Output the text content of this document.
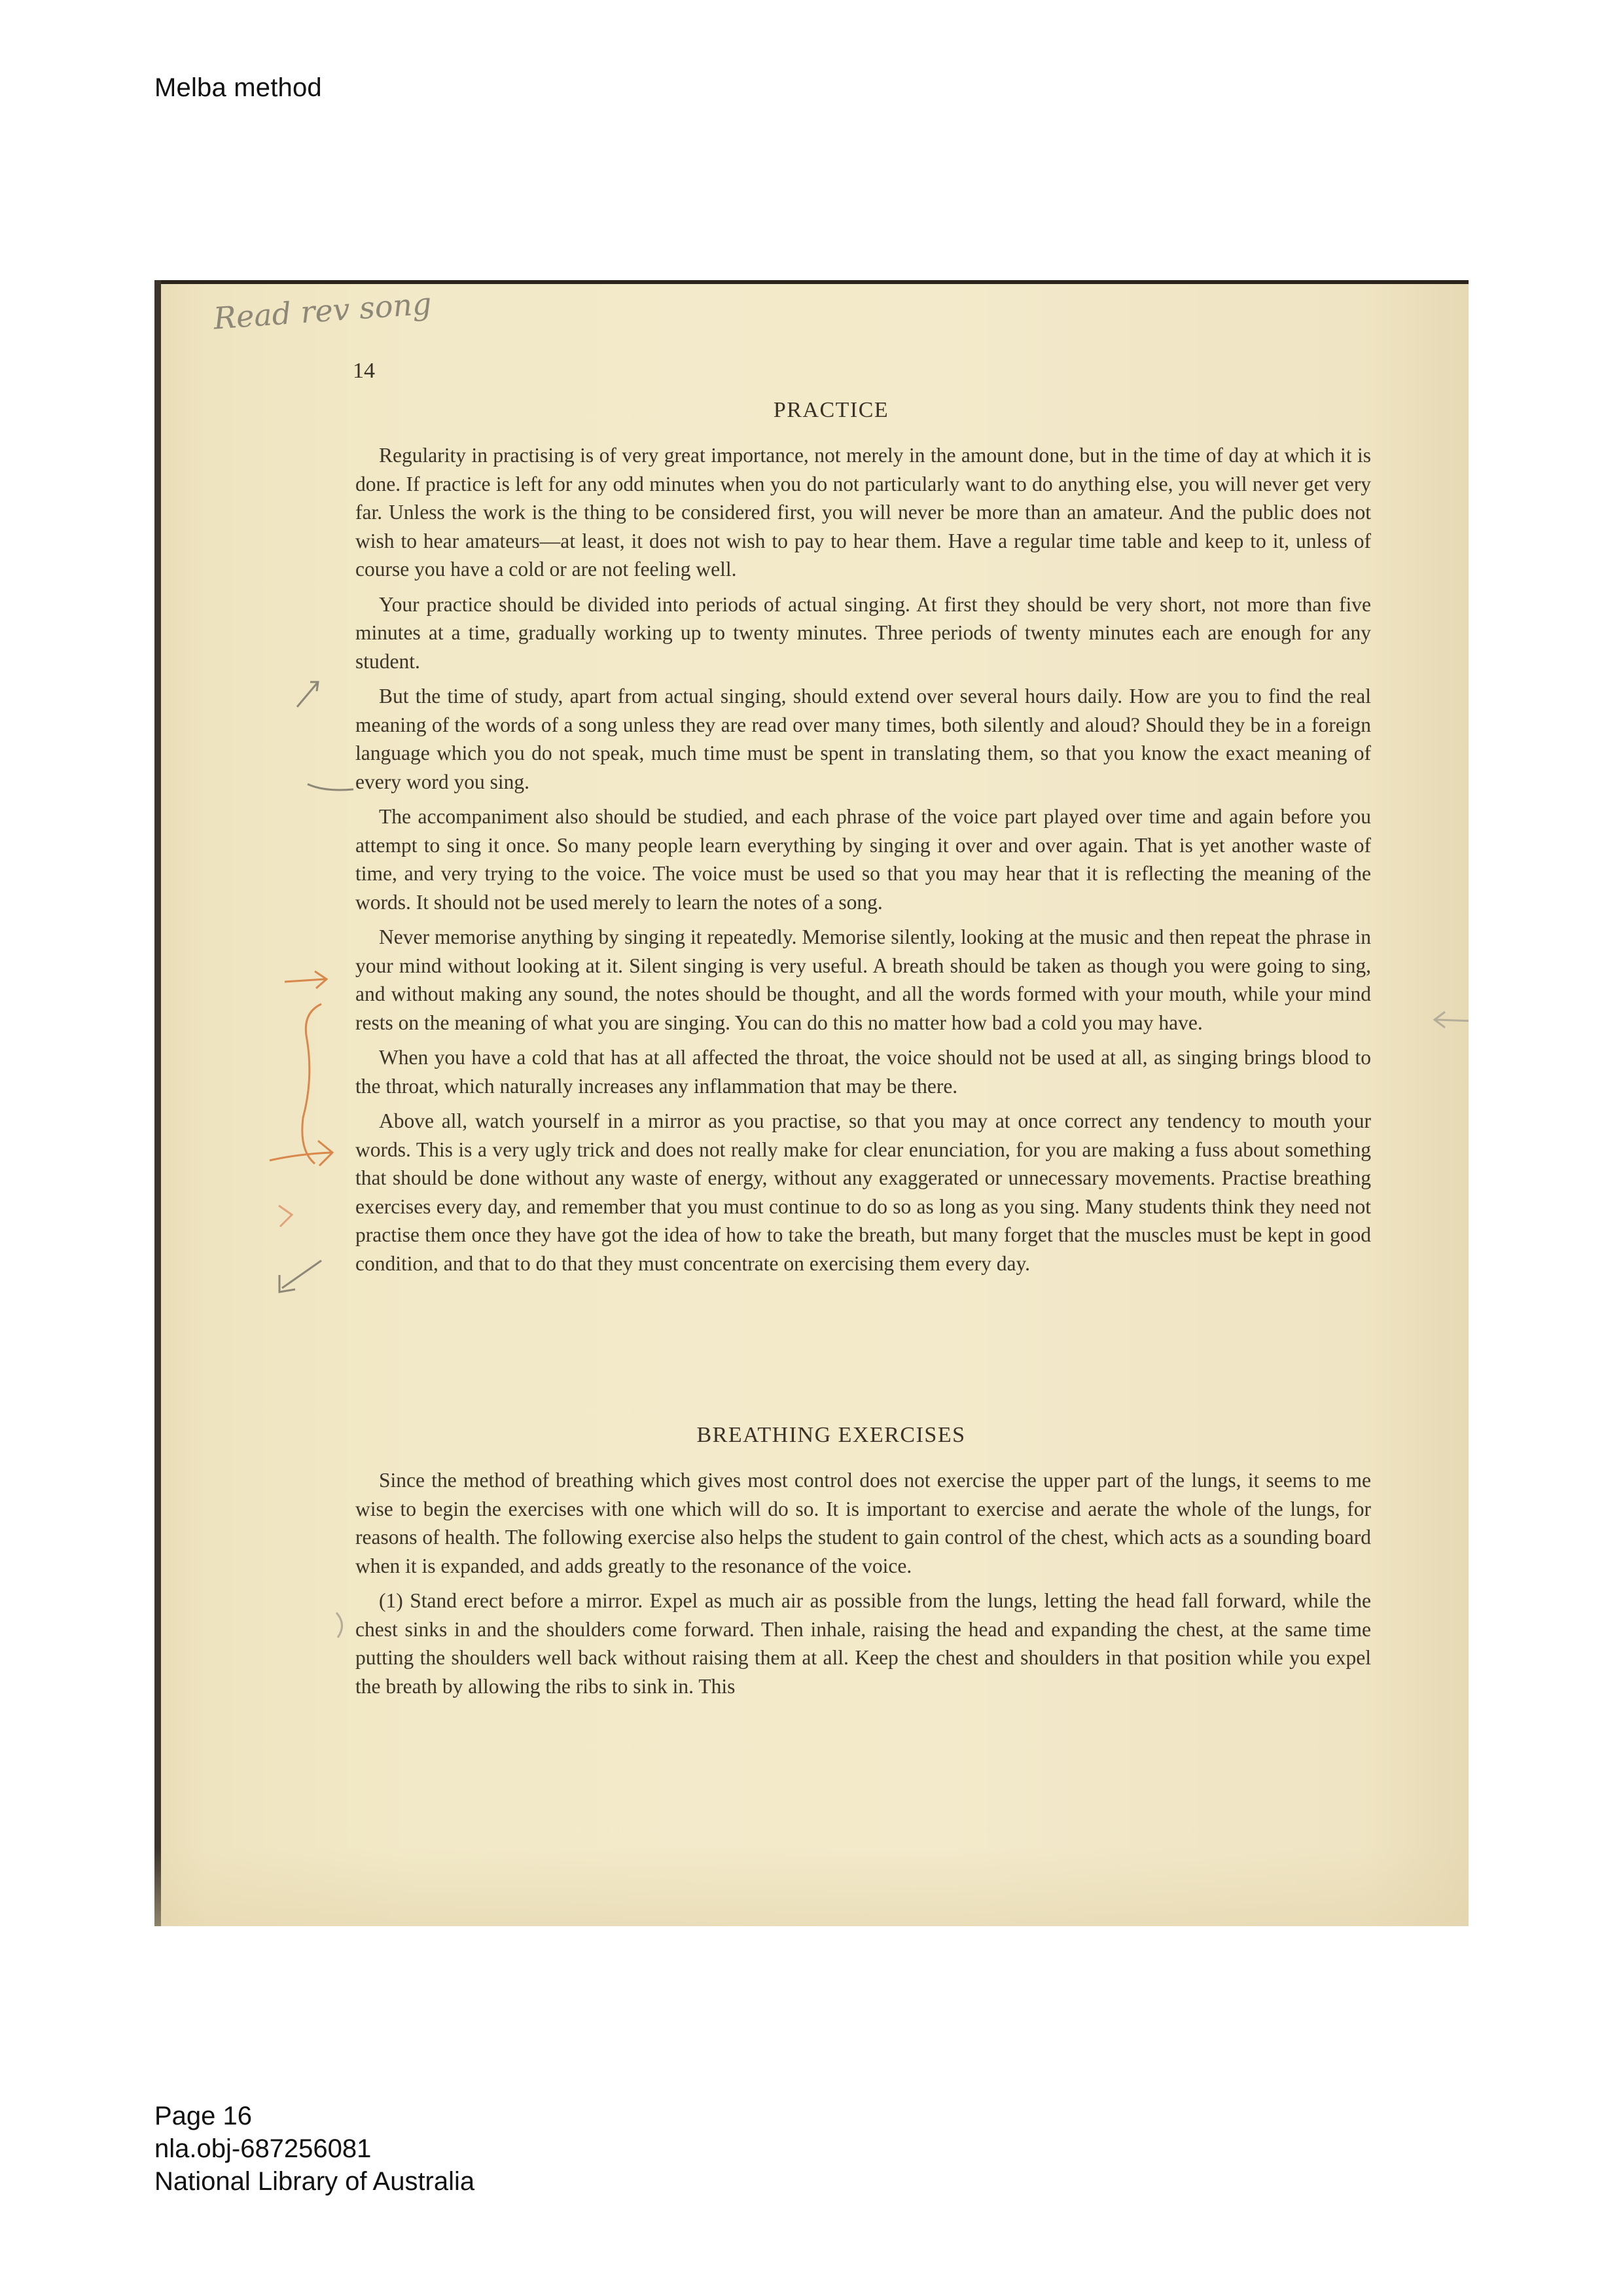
Melba method
Read rev song
14
PRACTICE

Regularity in practising is of very great importance, not merely in the amount done, but in the time of day at which it is done. If practice is left for any odd minutes when you do not particularly want to do anything else, you will never get very far. Unless the work is the thing to be considered first, you will never be more than an amateur. And the public does not wish to hear amateurs—at least, it does not wish to pay to hear them. Have a regular time table and keep to it, unless of course you have a cold or are not feeling well.

Your practice should be divided into periods of actual singing. At first they should be very short, not more than five minutes at a time, gradually working up to twenty minutes. Three periods of twenty minutes each are enough for any student.

But the time of study, apart from actual singing, should extend over several hours daily. How are you to find the real meaning of the words of a song unless they are read over many times, both silently and aloud? Should they be in a foreign language which you do not speak, much time must be spent in translating them, so that you know the exact meaning of every word you sing.

The accompaniment also should be studied, and each phrase of the voice part played over time and again before you attempt to sing it once. So many people learn everything by singing it over and over again. That is yet another waste of time, and very trying to the voice. The voice must be used so that you may hear that it is reflecting the meaning of the words. It should not be used merely to learn the notes of a song.

Never memorise anything by singing it repeatedly. Memorise silently, looking at the music and then repeat the phrase in your mind without looking at it. Silent singing is very useful. A breath should be taken as though you were going to sing, and without making any sound, the notes should be thought, and all the words formed with your mouth, while your mind rests on the meaning of what you are singing. You can do this no matter how bad a cold you may have.

When you have a cold that has at all affected the throat, the voice should not be used at all, as singing brings blood to the throat, which naturally increases any inflammation that may be there.

Above all, watch yourself in a mirror as you practise, so that you may at once correct any tendency to mouth your words. This is a very ugly trick and does not really make for clear enunciation, for you are making a fuss about something that should be done without any waste of energy, without any exaggerated or unnecessary movements. Practise breathing exercises every day, and remember that you must continue to do so as long as you sing. Many students think they need not practise them once they have got the idea of how to take the breath, but many forget that the muscles must be kept in good condition, and that to do that they must concentrate on exercising them every day.

BREATHING EXERCISES

Since the method of breathing which gives most control does not exercise the upper part of the lungs, it seems to me wise to begin the exercises with one which will do so. It is important to exercise and aerate the whole of the lungs, for reasons of health. The following exercise also helps the student to gain control of the chest, which acts as a sounding board when it is expanded, and adds greatly to the resonance of the voice.

(1) Stand erect before a mirror. Expel as much air as possible from the lungs, letting the head fall forward, while the chest sinks in and the shoulders come forward. Then inhale, raising the head and expanding the chest, at the same time putting the shoulders well back without raising them at all. Keep the chest and shoulders in that position while you expel the breath by allowing the ribs to sink in. This

Page 16
nla.obj-687256081
National Library of Australia
